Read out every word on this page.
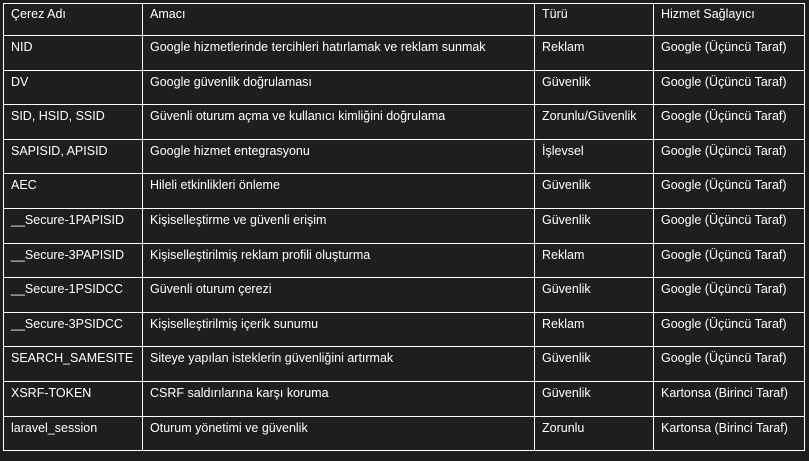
Çerez Adı	Amacı	Türü	Hizmet Sağlayıcı
NID	Google hizmetlerinde tercihleri hatırlamak ve reklam sunmak	Reklam	Google (Üçüncü Taraf)
DV	Google güvenlik doğrulaması	Güvenlik	Google (Üçüncü Taraf)
SID, HSID, SSID	Güvenli oturum açma ve kullanıcı kimliğini doğrulama	Zorunlu/Güvenlik	Google (Üçüncü Taraf)
SAPISID, APISID	Google hizmet entegrasyonu	İşlevsel	Google (Üçüncü Taraf)
AEC	Hileli etkinlikleri önleme	Güvenlik	Google (Üçüncü Taraf)
__Secure-1PAPISID	Kişiselleştirme ve güvenli erişim	Güvenlik	Google (Üçüncü Taraf)
__Secure-3PAPISID	Kişiselleştirilmiş reklam profili oluşturma	Reklam	Google (Üçüncü Taraf)
__Secure-1PSIDCC	Güvenli oturum çerezi	Güvenlik	Google (Üçüncü Taraf)
__Secure-3PSIDCC	Kişiselleştirilmiş içerik sunumu	Reklam	Google (Üçüncü Taraf)
SEARCH_SAMESITE	Siteye yapılan isteklerin güvenliğini artırmak	Güvenlik	Google (Üçüncü Taraf)
XSRF-TOKEN	CSRF saldırılarına karşı koruma	Güvenlik	Kartonsa (Birinci Taraf)
laravel_session	Oturum yönetimi ve güvenlik	Zorunlu	Kartonsa (Birinci Taraf)
